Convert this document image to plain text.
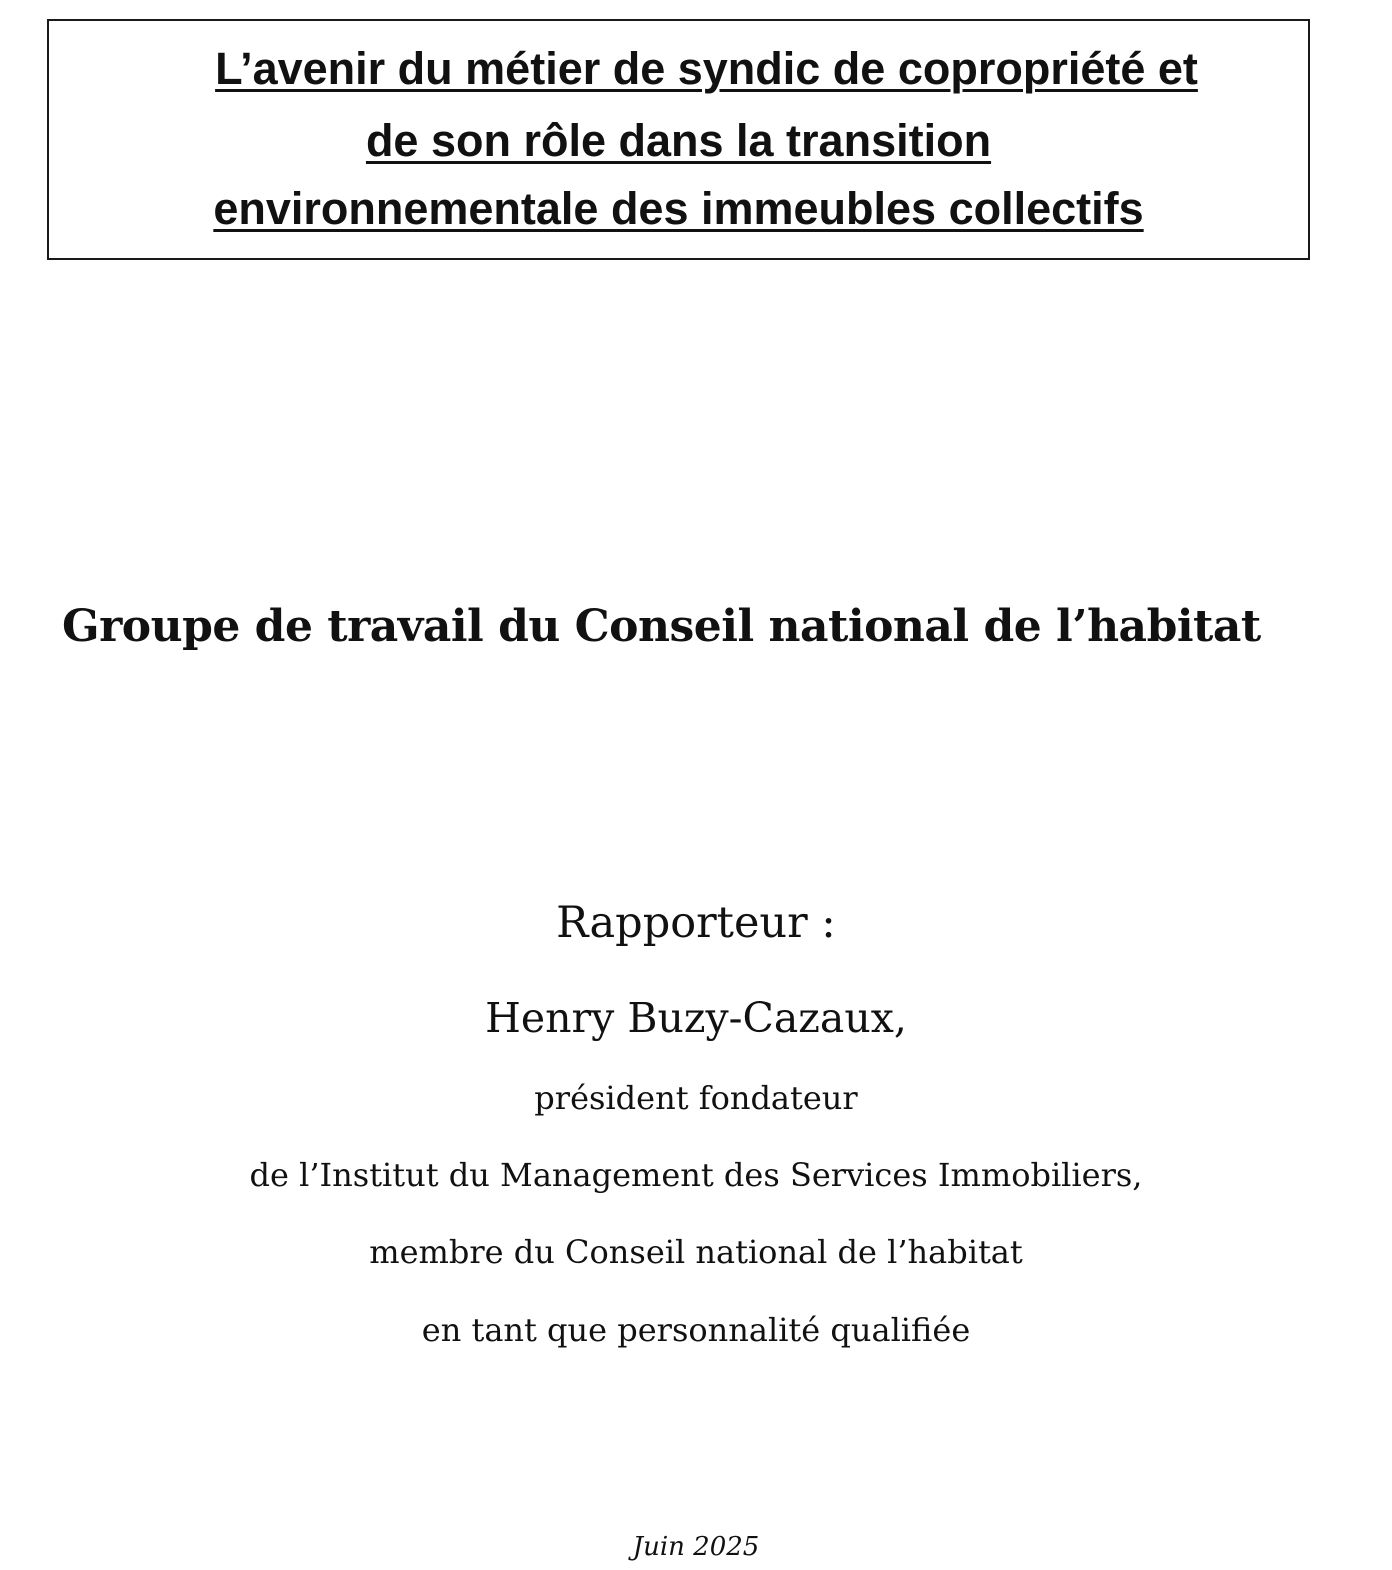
L’avenir du métier de syndic de copropriété et
de son rôle dans la transition
environnementale des immeubles collectifs
Groupe de travail du Conseil national de l’habitat
Rapporteur :
Henry Buzy-Cazaux,
président fondateur
de l’Institut du Management des Services Immobiliers,
membre du Conseil national de l’habitat
en tant que personnalité qualifiée
Juin 2025
